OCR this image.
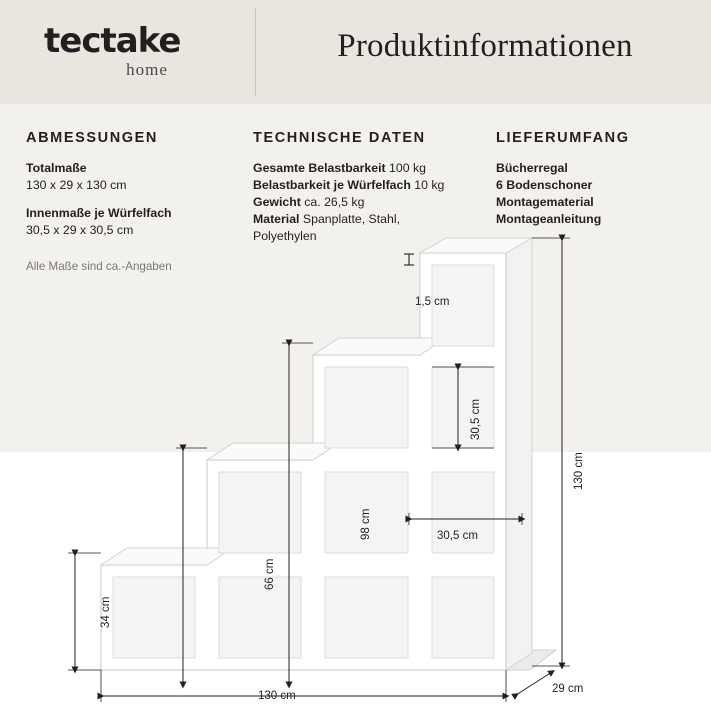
tectake
home
Produktinformationen
ABMESSUNGEN
Totalmaße
130 x 29 x 130 cm
Innenmaße je Würfelfach
30,5 x 29 x 30,5 cm
Alle Maße sind ca.-Angaben
TECHNISCHE DATEN
Gesamte Belastbarkeit 100 kg
Belastbarkeit je Würfelfach 10 kg
Gewicht ca. 26,5 kg
Material Spanplatte, Stahl,
Polyethylen
LIEFERUMFANG
Bücherregal
6 Bodenschoner
Montagematerial
Montageanleitung
1,5 cm
30,5 cm
30,5 cm
34 cm
66 cm
98 cm
130 cm
130 cm
29 cm
